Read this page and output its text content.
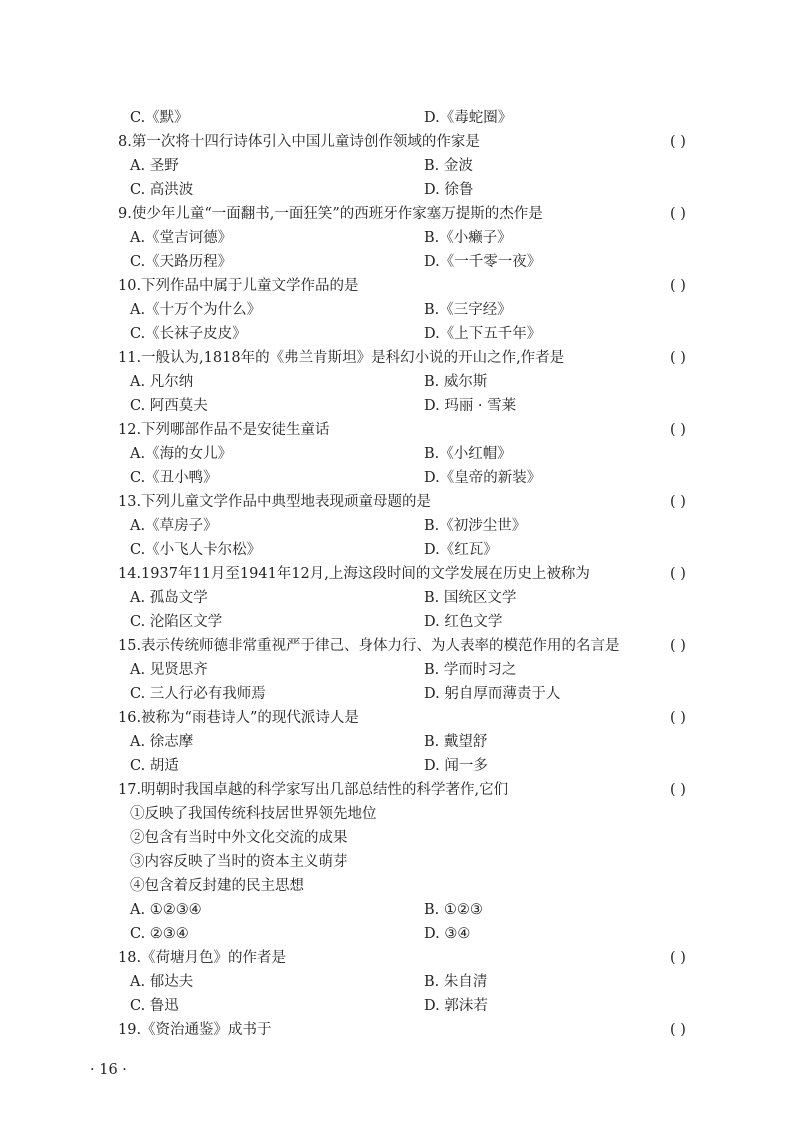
C.《默》	D.《毒蛇圈》
8.第一次将十四行诗体引入中国儿童诗创作领域的作家是	( )
A. 圣野	B. 金波
C. 高洪波	D. 徐鲁
9.使少年儿童“一面翻书,一面狂笑”的西班牙作家塞万提斯的杰作是	( )
A.《堂吉诃德》	B.《小癞子》
C.《天路历程》	D.《一千零一夜》
10.下列作品中属于儿童文学作品的是	( )
A.《十万个为什么》	B.《三字经》
C.《长袜子皮皮》	D.《上下五千年》
11.一般认为,1818年的《弗兰肯斯坦》是科幻小说的开山之作,作者是	( )
A. 凡尔纳	B. 威尔斯
C. 阿西莫夫	D. 玛丽 · 雪莱
12.下列哪部作品不是安徒生童话	( )
A.《海的女儿》	B.《小红帽》
C.《丑小鸭》	D.《皇帝的新装》
13.下列儿童文学作品中典型地表现顽童母题的是	( )
A.《草房子》	B.《初涉尘世》
C.《小飞人卡尔松》	D.《红瓦》
14.1937年11月至1941年12月,上海这段时间的文学发展在历史上被称为	( )
A. 孤岛文学	B. 国统区文学
C. 沦陷区文学	D. 红色文学
15.表示传统师德非常重视严于律己、身体力行、为人表率的模范作用的名言是	( )
A. 见贤思齐	B. 学而时习之
C. 三人行必有我师焉	D. 躬自厚而薄责于人
16.被称为“雨巷诗人”的现代派诗人是	( )
A. 徐志摩	B. 戴望舒
C. 胡适	D. 闻一多
17.明朝时我国卓越的科学家写出几部总结性的科学著作,它们	( )
①反映了我国传统科技居世界领先地位
②包含有当时中外文化交流的成果
③内容反映了当时的资本主义萌芽
④包含着反封建的民主思想
A. ①②③④	B. ①②③
C. ②③④	D. ③④
18.《荷塘月色》的作者是	( )
A. 郁达夫	B. 朱自清
C. 鲁迅	D. 郭沫若
19.《资治通鉴》成书于	( )
· 16 ·
